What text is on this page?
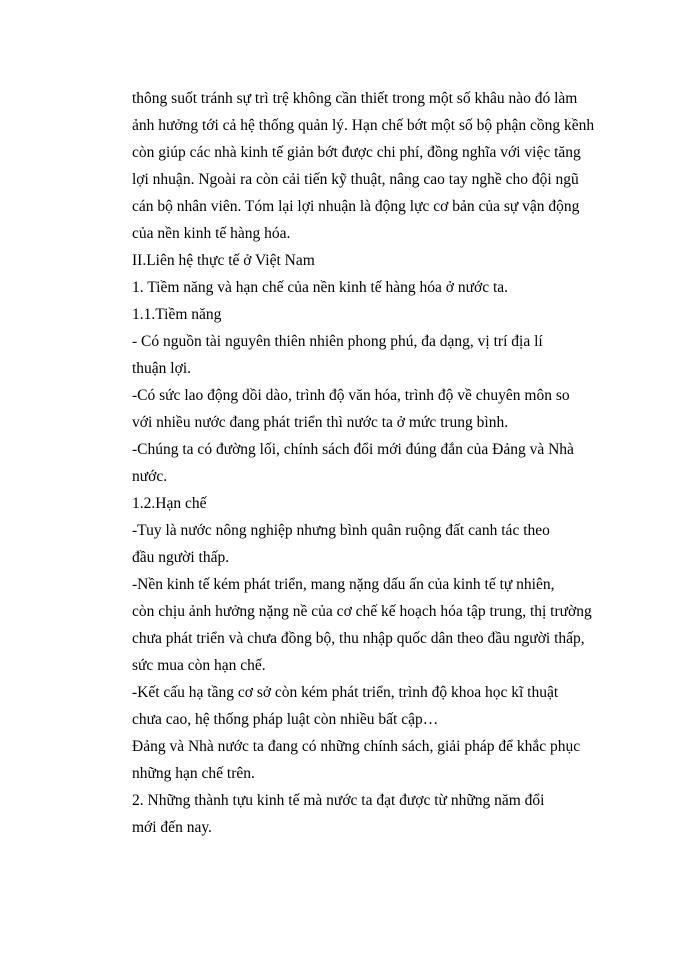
thông suốt tránh sự trì trệ không cần thiết trong một số khâu nào đó làm
ảnh hưởng tới cả hệ thống quản lý. Hạn chế bớt một số bộ phận cồng kềnh
còn giúp các nhà kinh tế giản bớt được chi phí, đồng nghĩa với việc tăng
lợi nhuận. Ngoài ra còn cải tiến kỹ thuật, nâng cao tay nghề cho đội ngũ
cán bộ nhân viên. Tóm lại lợi nhuận là động lực cơ bản của sự vận động
của nền kinh tế hàng hóa.
II.Liên hệ thực tế ở Việt Nam
1. Tiềm năng và hạn chế của nền kinh tế hàng hóa ở nước ta.
1.1.Tiềm năng
- Có nguồn tài nguyên thiên nhiên phong phú, đa dạng, vị trí địa lí
thuận lợi.
-Có sức lao động dồi dào, trình độ văn hóa, trình độ về chuyên môn so
với nhiều nước đang phát triển thì nước ta ở mức trung bình.
-Chúng ta có đường lối, chính sách đổi mới đúng đắn của Đảng và Nhà
nước.
1.2.Hạn chế
-Tuy là nước nông nghiệp nhưng bình quân ruộng đất canh tác theo
đầu người thấp.
-Nền kinh tế kém phát triển, mang nặng dấu ấn của kinh tế tự nhiên,
còn chịu ảnh hưởng nặng nề của cơ chế kế hoạch hóa tập trung, thị trường
chưa phát triển và chưa đồng bộ, thu nhập quốc dân theo đầu người thấp,
sức mua còn hạn chế.
-Kết cấu hạ tầng cơ sở còn kém phát triển, trình độ khoa học kĩ thuật
chưa cao, hệ thống pháp luật còn nhiều bất cập…
Đảng và Nhà nước ta đang có những chính sách, giải pháp để khắc phục
những hạn chế trên.
2. Những thành tựu kinh tế mà nước ta đạt được từ những năm đổi
mới đến nay.
